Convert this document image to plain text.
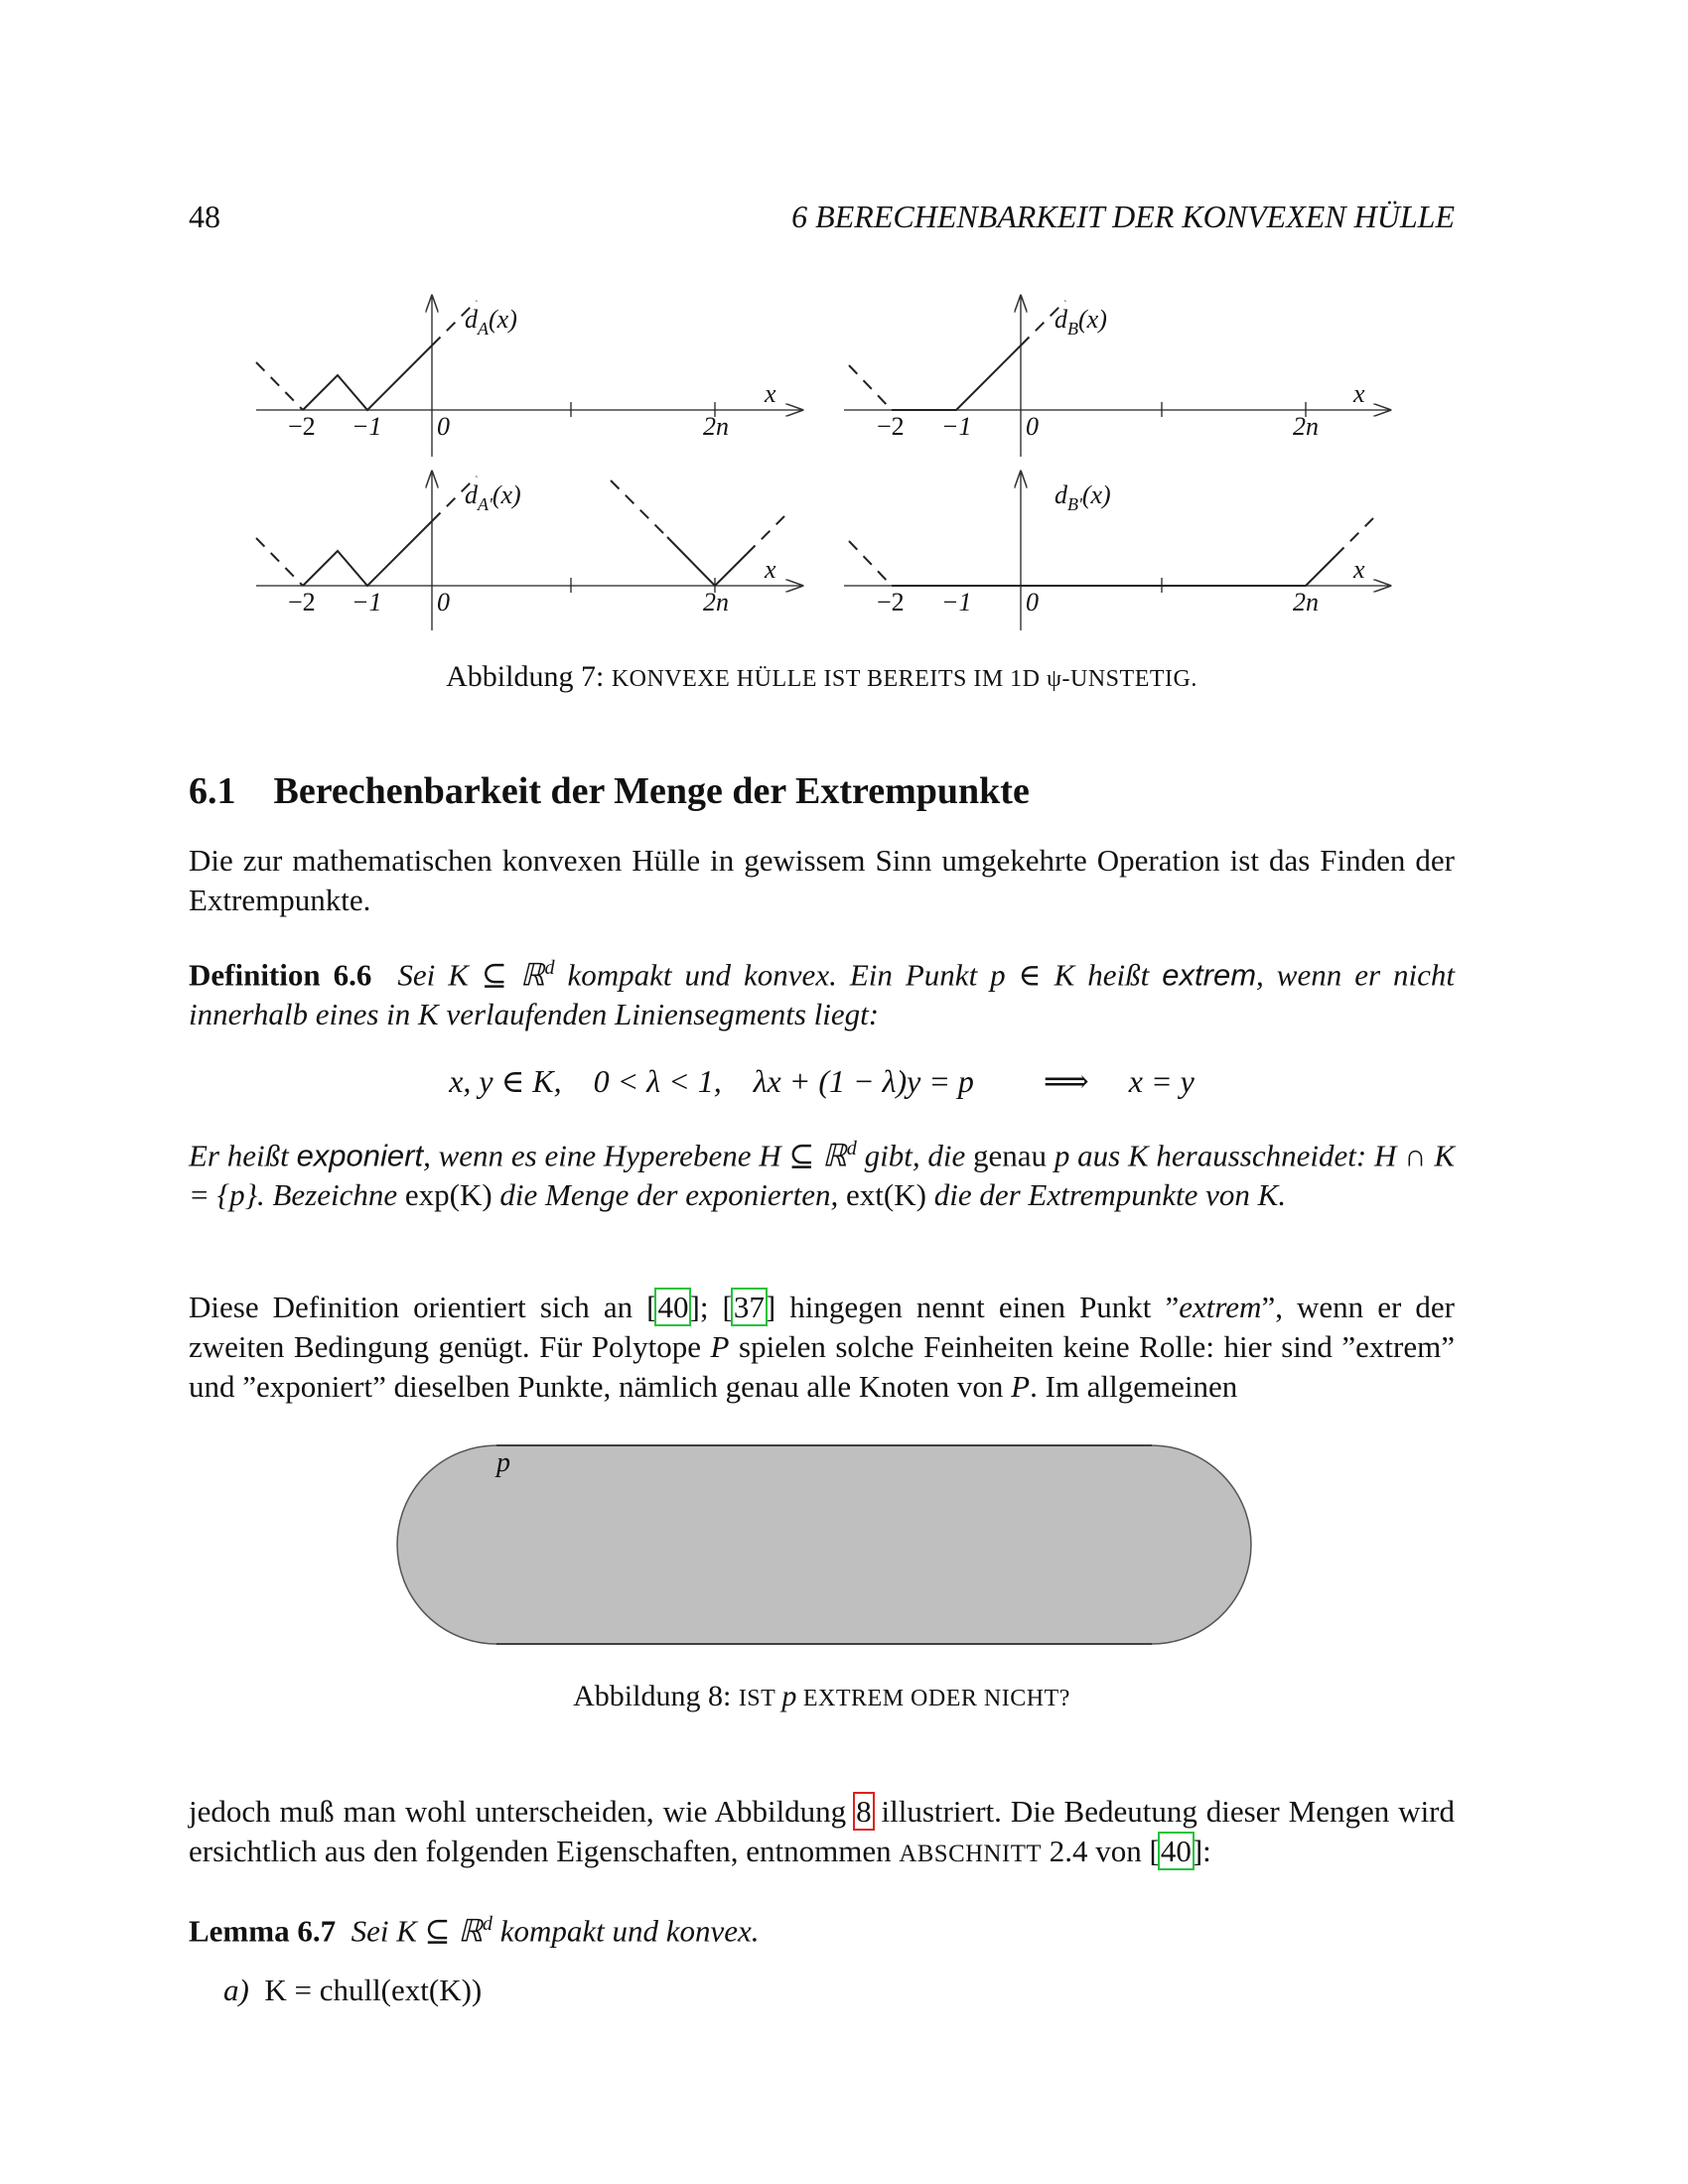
48	6 BERECHENBARKEIT DER KONVEXEN HÜLLE
$d_A(x)$
x
−2 −1 0	2n
$d_B(x)$
x
−2 −1 0	2n
$d_{A'}(x)$
x
−2 −1 0	2n
$d_{B'}(x)$
x
−2 −1 0	2n
Abbildung 7: KONVEXE HÜLLE IST BEREITS IM 1D ψ-UNSTETIG.
6.1 Berechenbarkeit der Menge der Extrempunkte
Die zur mathematischen konvexen Hülle in gewissem Sinn umgekehrte Operation ist das Finden der Extrempunkte.
Definition 6.6 Sei K ⊆ ℝ$^d$ kompakt und konvex. Ein Punkt p ∈ K heißt extrem, wenn er nicht innerhalb eines in K verlaufenden Liniensegments liegt:
x, y ∈ K,    0 < λ < 1,    λx + (1 − λ)y = p ⟹ x = y
Er heißt exponiert, wenn es eine Hyperebene H ⊆ ℝ$^d$ gibt, die genau p aus K herausschneidet: H ∩ K = {p}. Bezeichne exp(K) die Menge der exponierten, ext(K) die der Extrempunkte von K.
Diese Definition orientiert sich an [40]; [37] hingegen nennt einen Punkt ”extrem”, wenn er der zweiten Bedingung genügt. Für Polytope P spielen solche Feinheiten keine Rolle: hier sind ”extrem” und ”exponiert” dieselben Punkte, nämlich genau alle Knoten von P. Im allgemeinen
p
Abbildung 8: IST p EXTREM ODER NICHT?
jedoch muß man wohl unterscheiden, wie Abbildung 8 illustriert. Die Bedeutung dieser Mengen wird ersichtlich aus den folgenden Eigenschaften, entnommen ABSCHNITT 2.4 von [40]:
Lemma 6.7 Sei K ⊆ ℝ$^d$ kompakt und konvex.
a) K = chull(ext(K))
